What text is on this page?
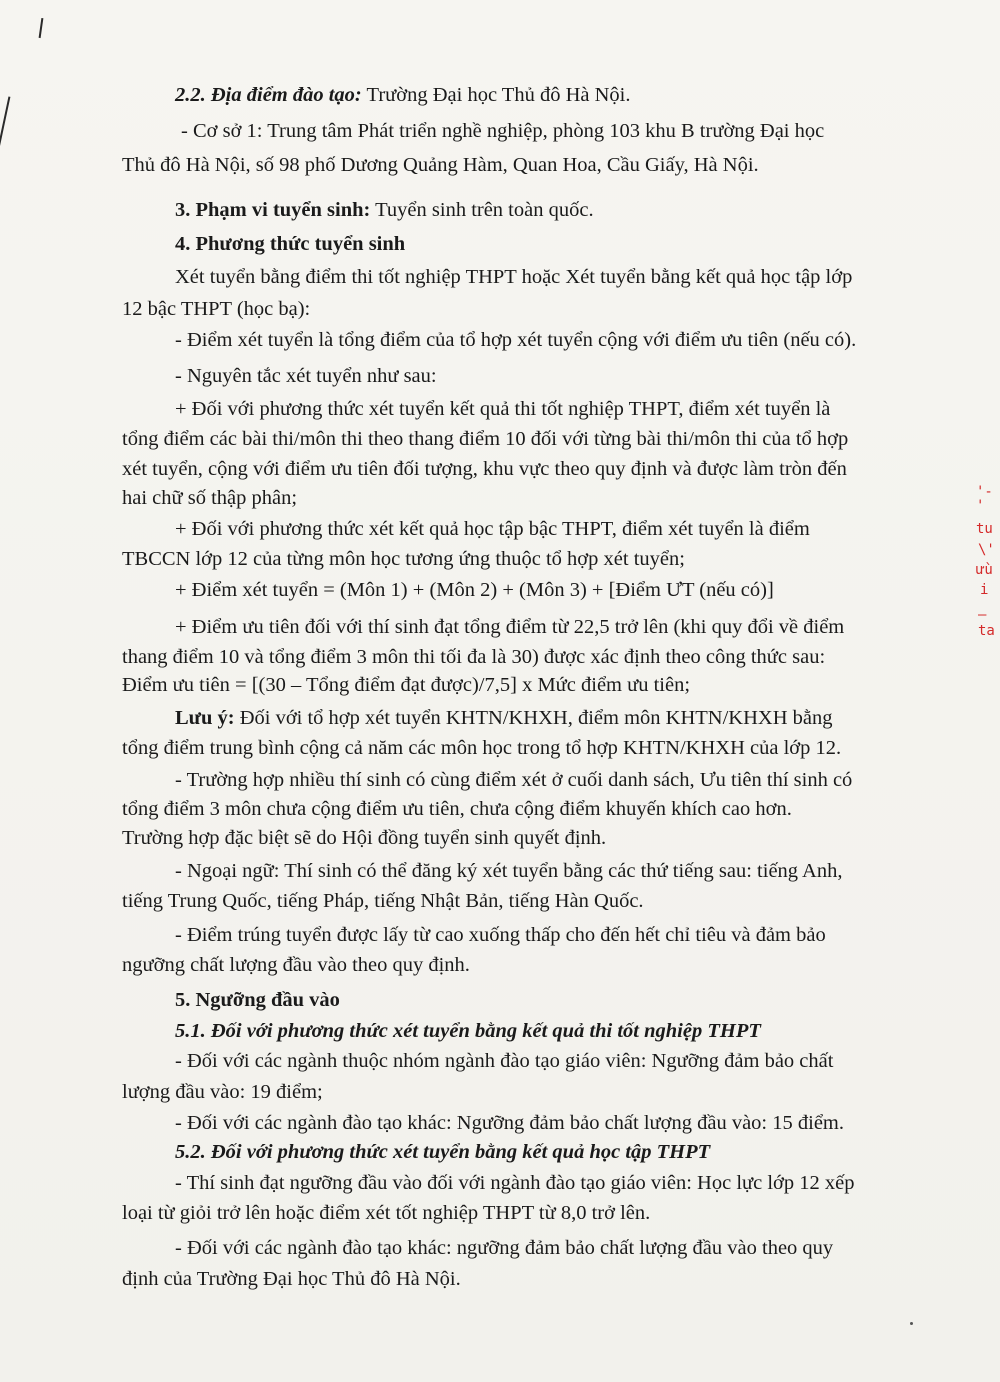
2.2. Địa điểm đào tạo: Trường Đại học Thủ đô Hà Nội.
- Cơ sở 1: Trung tâm Phát triển nghề nghiệp, phòng 103 khu B trường Đại học
Thủ đô Hà Nội, số 98 phố Dương Quảng Hàm, Quan Hoa, Cầu Giấy, Hà Nội.
3. Phạm vi tuyển sinh: Tuyển sinh trên toàn quốc.
4. Phương thức tuyển sinh
Xét tuyển bằng điểm thi tốt nghiệp THPT hoặc Xét tuyển bằng kết quả học tập lớp
12 bậc THPT (học bạ):
- Điểm xét tuyển là tổng điểm của tổ hợp xét tuyển cộng với điểm ưu tiên (nếu có).
- Nguyên tắc xét tuyển như sau:
+ Đối với phương thức xét tuyển kết quả thi tốt nghiệp THPT, điểm xét tuyển là
tổng điểm các bài thi/môn thi theo thang điểm 10 đối với từng bài thi/môn thi của tổ hợp
xét tuyển, cộng với điểm ưu tiên đối tượng, khu vực theo quy định và được làm tròn đến
hai chữ số thập phân;
+ Đối với phương thức xét kết quả học tập bậc THPT, điểm xét tuyển là điểm
TBCCN lớp 12 của từng môn học tương ứng thuộc tổ hợp xét tuyển;
+ Điểm xét tuyển = (Môn 1) + (Môn 2) + (Môn 3) + [Điểm ƯT (nếu có)]
+ Điểm ưu tiên đối với thí sinh đạt tổng điểm từ 22,5 trở lên (khi quy đổi về điểm
thang điểm 10 và tổng điểm 3 môn thi tối đa là 30) được xác định theo công thức sau:
Điểm ưu tiên = [(30 – Tổng điểm đạt được)/7,5] x Mức điểm ưu tiên;
Lưu ý: Đối với tổ hợp xét tuyển KHTN/KHXH, điểm môn KHTN/KHXH bằng
tổng điểm trung bình cộng cả năm các môn học trong tổ hợp KHTN/KHXH của lớp 12.
- Trường hợp nhiều thí sinh có cùng điểm xét ở cuối danh sách, Ưu tiên thí sinh có
tổng điểm 3 môn chưa cộng điểm ưu tiên, chưa cộng điểm khuyến khích cao hơn.
Trường hợp đặc biệt sẽ do Hội đồng tuyển sinh quyết định.
- Ngoại ngữ: Thí sinh có thể đăng ký xét tuyển bằng các thứ tiếng sau: tiếng Anh,
tiếng Trung Quốc, tiếng Pháp, tiếng Nhật Bản, tiếng Hàn Quốc.
- Điểm trúng tuyển được lấy từ cao xuống thấp cho đến hết chỉ tiêu và đảm bảo
ngưỡng chất lượng đầu vào theo quy định.
5. Ngưỡng đầu vào
5.1. Đối với phương thức xét tuyển bằng kết quả thi tốt nghiệp THPT
- Đối với các ngành thuộc nhóm ngành đào tạo giáo viên: Ngưỡng đảm bảo chất
lượng đầu vào: 19 điểm;
- Đối với các ngành đào tạo khác: Ngưỡng đảm bảo chất lượng đầu vào: 15 điểm.
5.2. Đối với phương thức xét tuyển bằng kết quả học tập THPT
- Thí sinh đạt ngưỡng đầu vào đối với ngành đào tạo giáo viên: Học lực lớp 12 xếp
loại từ giỏi trở lên hoặc điểm xét tốt nghiệp THPT từ 8,0 trở lên.
- Đối với các ngành đào tạo khác: ngưỡng đảm bảo chất lượng đầu vào theo quy
định của Trường Đại học Thủ đô Hà Nội.
'-'
tu
\'
ưù
i
—
ta
